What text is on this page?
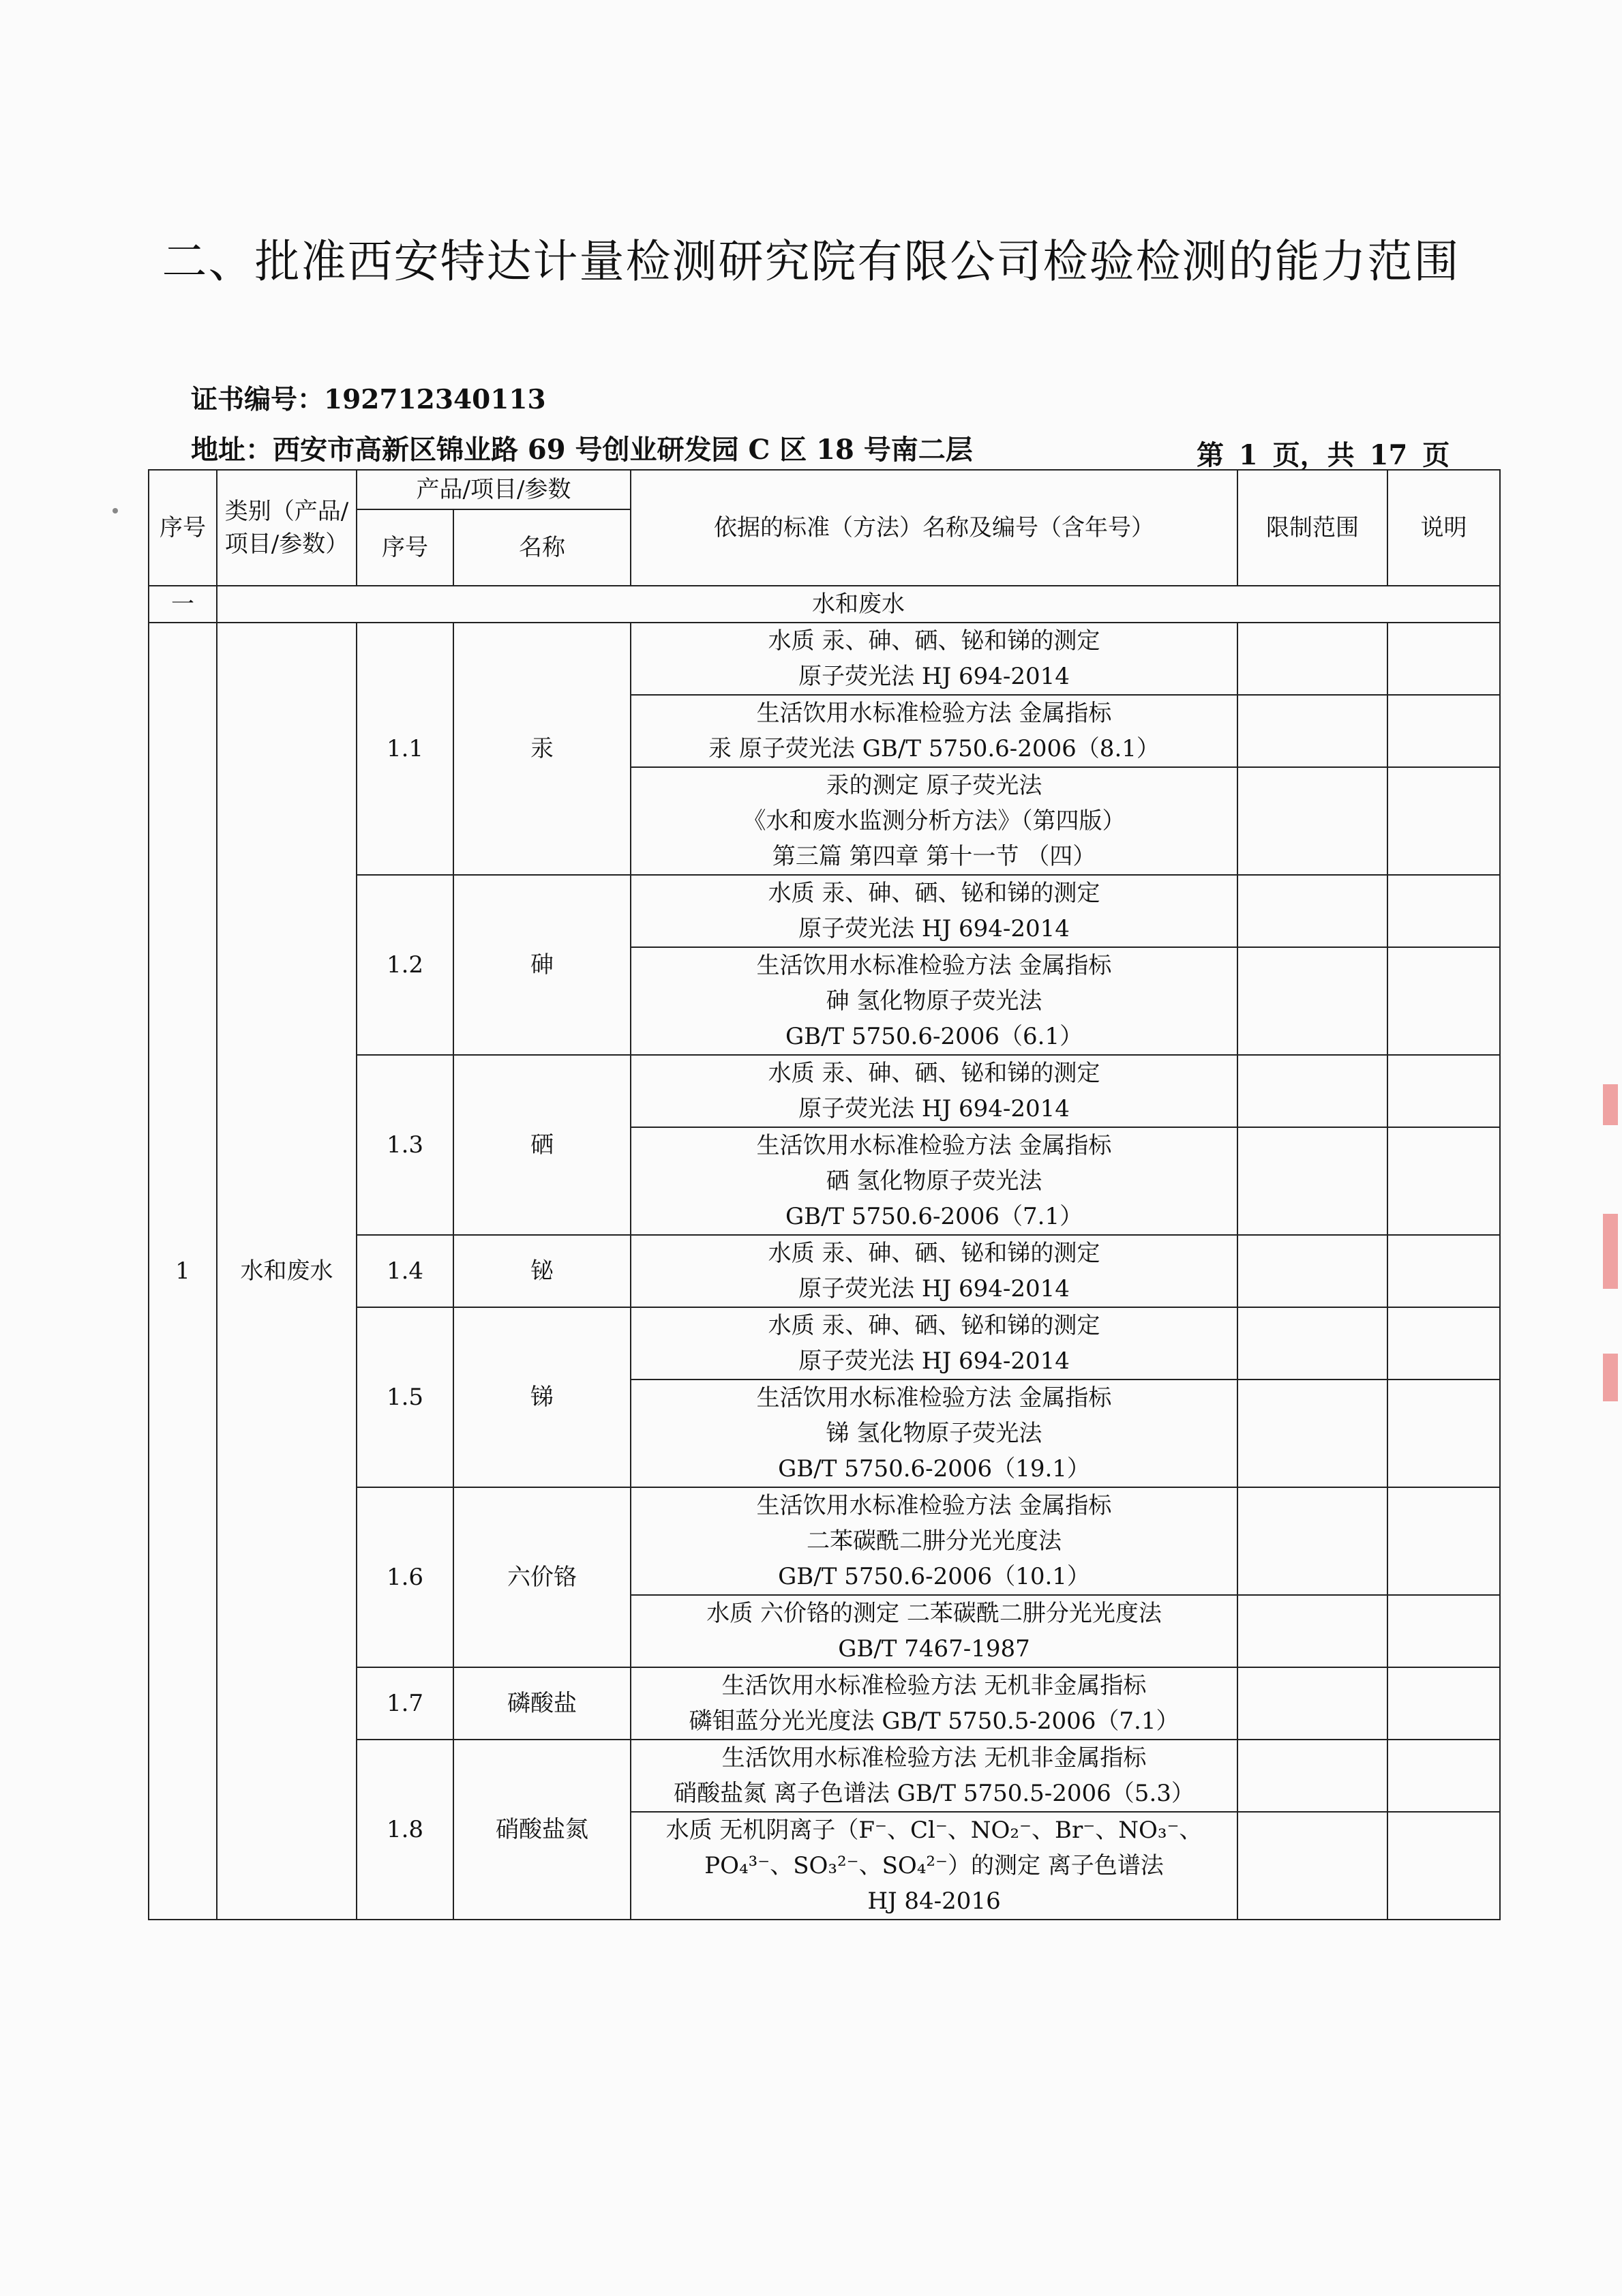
二、批准西安特达计量检测研究院有限公司检验检测的能力范围
证书编号：192712340113
地址：西安市高新区锦业路 69 号创业研发园 C 区 18 号南二层	第 1 页，共 17 页
序号	类别（产品/项目/参数）	产品/项目/参数		依据的标准（方法）名称及编号（含年号）	限制范围	说明
		序号	名称			
一	水和废水					
1	水和废水	1.1	汞	水质 汞、砷、硒、铋和锑的测定
原子荧光法 HJ 694-2014		

				生活饮用水标准检验方法 金属指标
汞 原子荧光法 GB/T 5750.6-2006（8.1）		

				汞的测定 原子荧光法
《水和废水监测分析方法》（第四版）
第三篇 第四章 第十一节 （四）		

		1.2	砷	水质 汞、砷、硒、铋和锑的测定
原子荧光法 HJ 694-2014		

				生活饮用水标准检验方法 金属指标
砷 氢化物原子荧光法
GB/T 5750.6-2006（6.1）		

		1.3	硒	水质 汞、砷、硒、铋和锑的测定
原子荧光法 HJ 694-2014		

				生活饮用水标准检验方法 金属指标
硒 氢化物原子荧光法
GB/T 5750.6-2006（7.1）		

		1.4	铋	水质 汞、砷、硒、铋和锑的测定
原子荧光法 HJ 694-2014		

		1.5	锑	水质 汞、砷、硒、铋和锑的测定
原子荧光法 HJ 694-2014		

				生活饮用水标准检验方法 金属指标
锑 氢化物原子荧光法
GB/T 5750.6-2006（19.1）		

		1.6	六价铬	生活饮用水标准检验方法 金属指标
二苯碳酰二肼分光光度法
GB/T 5750.6-2006（10.1）		

				水质 六价铬的测定 二苯碳酰二肼分光光度法
GB/T 7467-1987		

		1.7	磷酸盐	生活饮用水标准检验方法 无机非金属指标
磷钼蓝分光光度法 GB/T 5750.5-2006（7.1）		

		1.8	硝酸盐氮	生活饮用水标准检验方法 无机非金属指标
硝酸盐氮 离子色谱法 GB/T 5750.5-2006（5.3）		

				水质 无机阴离子（F⁻、Cl⁻、NO₂⁻、Br⁻、NO₃⁻、
PO₄³⁻、SO₃²⁻、SO₄²⁻）的测定 离子色谱法
HJ 84-2016		
